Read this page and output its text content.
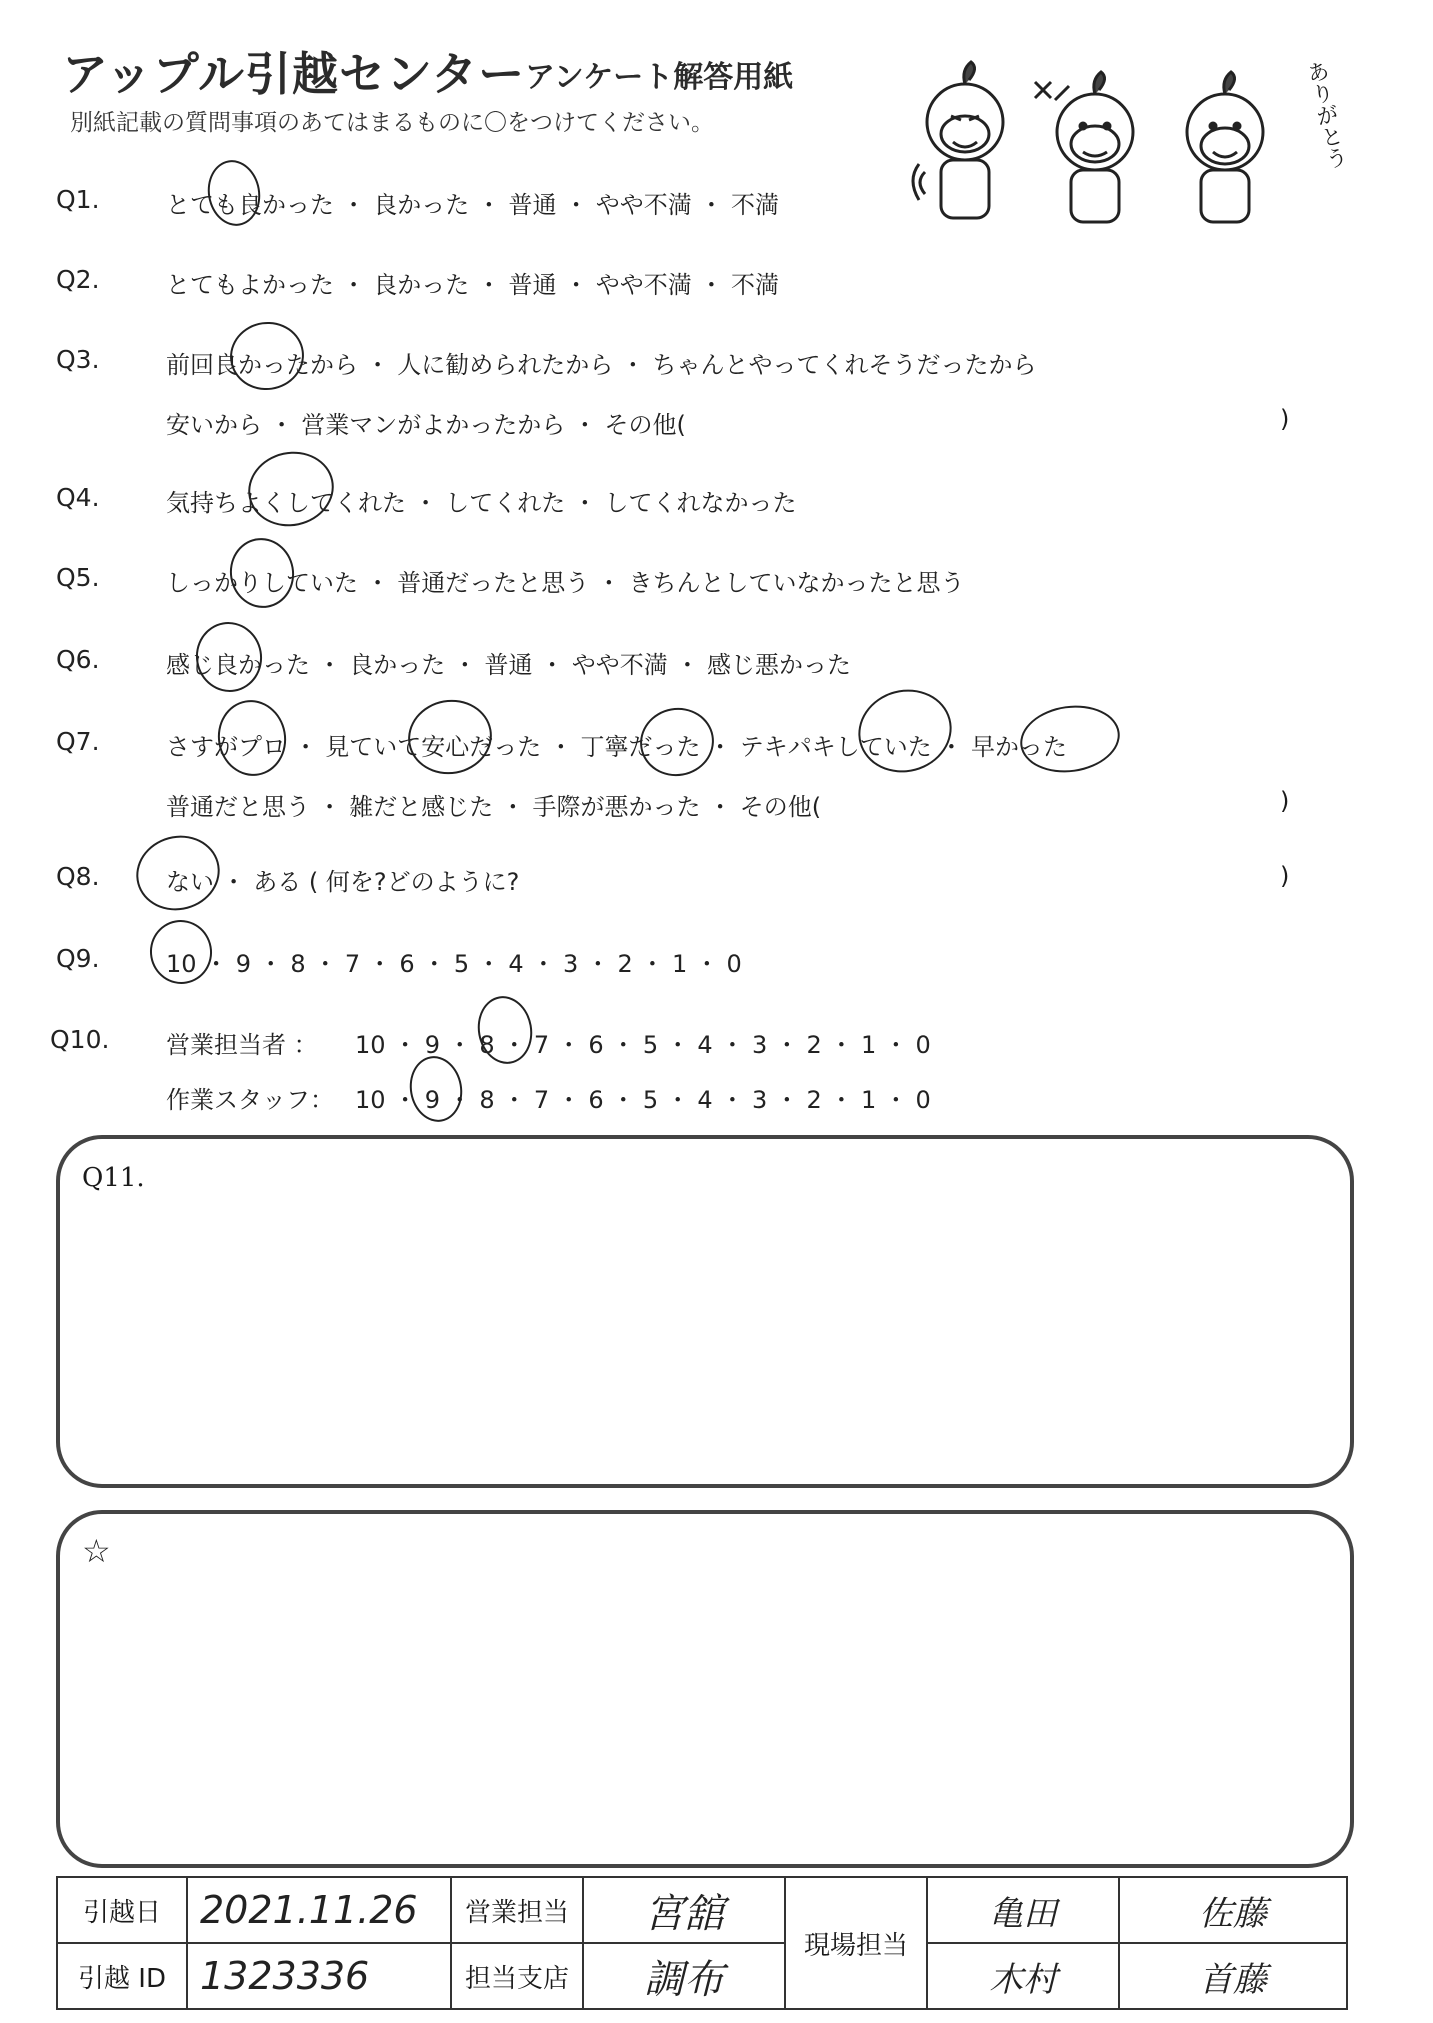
アップル引越センター アンケート解答用紙
別紙記載の質問事項のあてはまるものに〇をつけてください。	ありがとう
Q1.	とても良かった ・ 良かった ・ 普通 ・ やや不満 ・ 不満
Q2.	とてもよかった ・ 良かった ・ 普通 ・ やや不満 ・ 不満
Q3.	前回良かったから ・ 人に勧められたから ・ ちゃんとやってくれそうだったから
安いから ・ 営業マンがよかったから ・ その他(	)
Q4.	気持ちよくしてくれた ・ してくれた ・ してくれなかった
Q5.	しっかりしていた ・ 普通だったと思う ・ きちんとしていなかったと思う
Q6.	感じ良かった ・ 良かった ・ 普通 ・ やや不満 ・ 感じ悪かった
Q7.	さすがプロ ・ 見ていて安心だった ・ 丁寧だった ・ テキパキしていた ・ 早かった
普通だと思う ・ 雑だと感じた ・ 手際が悪かった ・ その他(	)
Q8.	ない ・ ある ( 何を?どのように?	)
Q9.	10 ・ 9 ・ 8 ・ 7 ・ 6 ・ 5 ・ 4 ・ 3 ・ 2 ・ 1 ・ 0
Q10. 営業担当者 ： 10 ・ 9 ・ 8 ・ 7 ・ 6 ・ 5 ・ 4 ・ 3 ・ 2 ・ 1 ・ 0
作業スタッフ： 10 ・ 9 ・ 8 ・ 7 ・ 6 ・ 5 ・ 4 ・ 3 ・ 2 ・ 1 ・ 0
Q11.
☆
引越日	2021.11.26	営業担当	宮舘	現場担当	亀田	佐藤
引越 ID	1323336	担当支店	調布		木村	首藤
